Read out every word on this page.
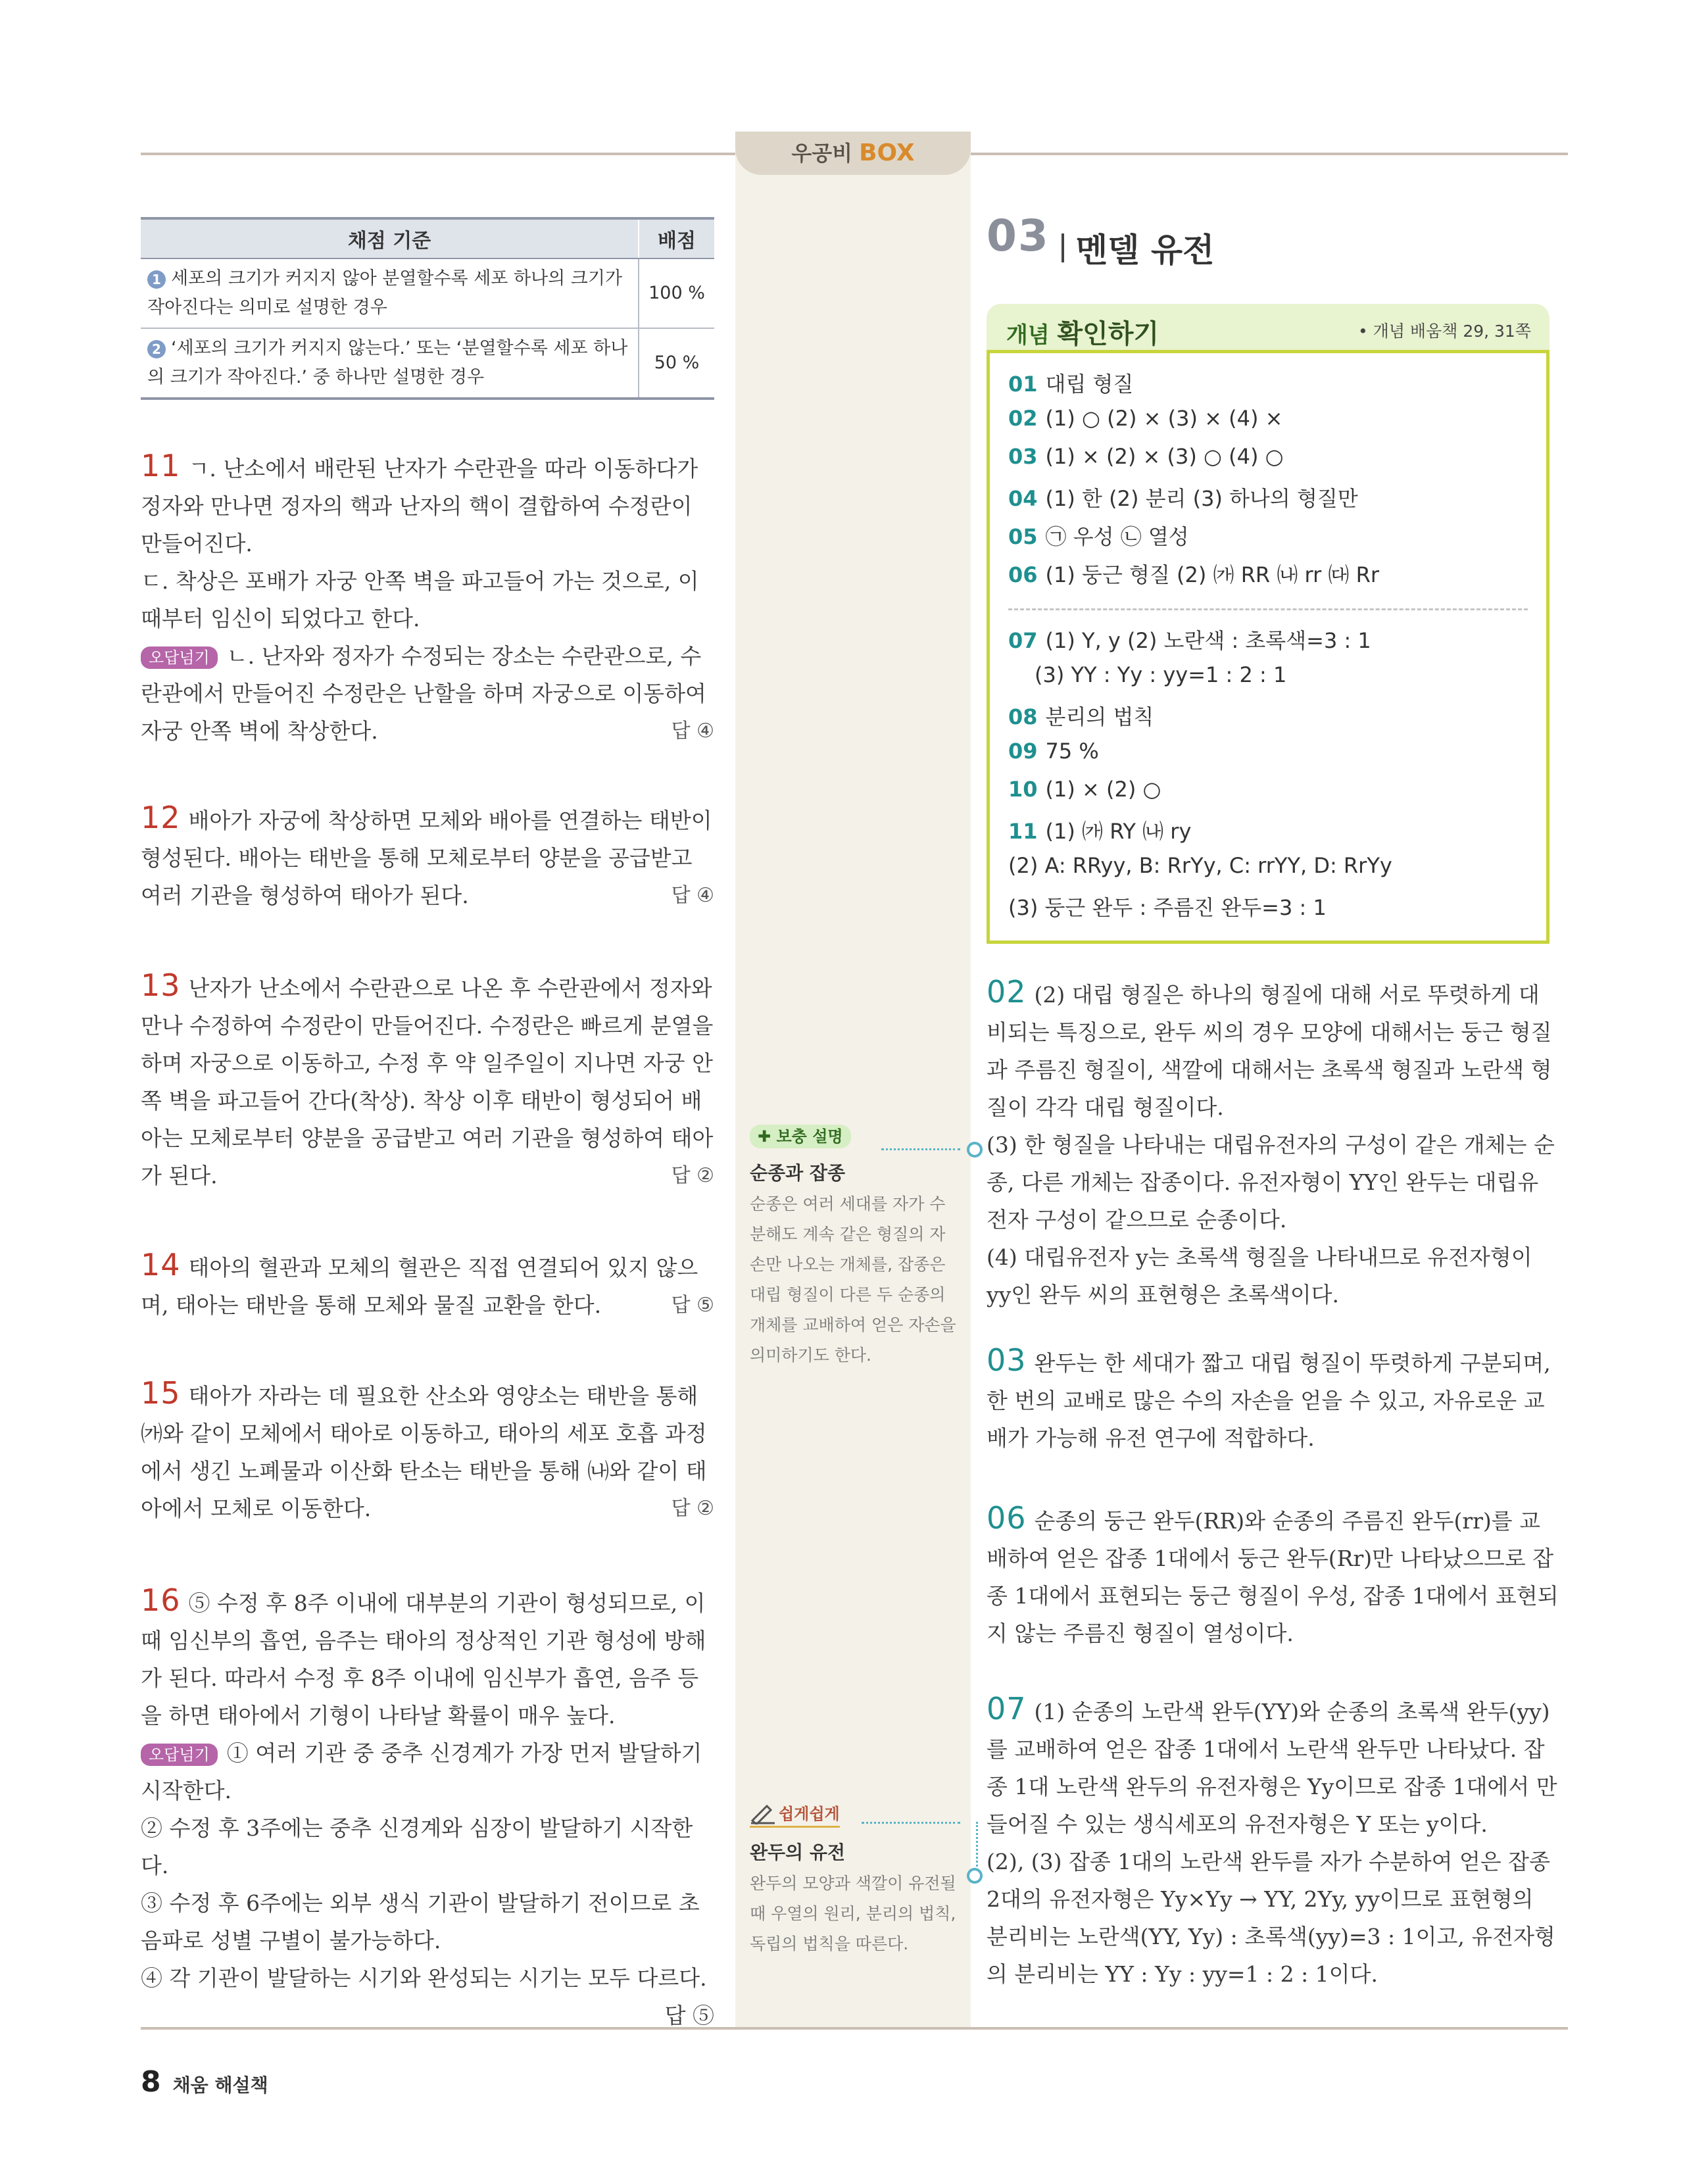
우공비 BOX
채점 기준	배점
1 세포의 크기가 커지지 않아 분열할수록 세포 하나의 크기가 작아진다는 의미로 설명한 경우	100 %
2 ‘세포의 크기가 커지지 않는다.’ 또는 ‘분열할수록 세포 하나의 크기가 작아진다.’ 중 하나만 설명한 경우	50 %

11 ㄱ. 난소에서 배란된 난자가 수란관을 따라 이동하다가 정자와 만나면 정자의 핵과 난자의 핵이 결합하여 수정란이 만들어진다.

ㄷ. 착상은 포배가 자궁 안쪽 벽을 파고들어 가는 것으로, 이때부터 임신이 되었다고 한다.

오답넘기 ㄴ. 난자와 정자가 수정되는 장소는 수란관으로, 수란관에서 만들어진 수정란은 난할을 하며 자궁으로 이동하여 자궁 안쪽 벽에 착상한다.	답 ④

12 배아가 자궁에 착상하면 모체와 배아를 연결하는 태반이 형성된다. 배아는 태반을 통해 모체로부터 양분을 공급받고 여러 기관을 형성하여 태아가 된다.	답 ④

13 난자가 난소에서 수란관으로 나온 후 수란관에서 정자와 만나 수정하여 수정란이 만들어진다. 수정란은 빠르게 분열을 하며 자궁으로 이동하고, 수정 후 약 일주일이 지나면 자궁 안쪽 벽을 파고들어 간다(착상). 착상 이후 태반이 형성되어 배아는 모체로부터 양분을 공급받고 여러 기관을 형성하여 태아가 된다.	답 ②

14 태아의 혈관과 모체의 혈관은 직접 연결되어 있지 않으며, 태아는 태반을 통해 모체와 물질 교환을 한다.	답 ⑤

15 태아가 자라는 데 필요한 산소와 영양소는 태반을 통해 ㈎와 같이 모체에서 태아로 이동하고, 태아의 세포 호흡 과정에서 생긴 노폐물과 이산화 탄소는 태반을 통해 ㈏와 같이 태아에서 모체로 이동한다.	답 ②

16 ⑤ 수정 후 8주 이내에 대부분의 기관이 형성되므로, 이때 임신부의 흡연, 음주는 태아의 정상적인 기관 형성에 방해가 된다. 따라서 수정 후 8주 이내에 임신부가 흡연, 음주 등을 하면 태아에서 기형이 나타날 확률이 매우 높다.

오답넘기 ① 여러 기관 중 중추 신경계가 가장 먼저 발달하기 시작한다.

② 수정 후 3주에는 중추 신경계와 심장이 발달하기 시작한다.

③ 수정 후 6주에는 외부 생식 기관이 발달하기 전이므로 초음파로 성별 구별이 불가능하다.

④ 각 기관이 발달하는 시기와 완성되는 시기는 모두 다르다.

답 ⑤

✚ 보충 설명
순종과 잡종
순종은 여러 세대를 자가 수분해도 계속 같은 형질의 자손만 나오는 개체를, 잡종은 대립 형질이 다른 두 순종의 개체를 교배하여 얻은 자손을 의미하기도 한다.
쉽게쉽게
완두의 유전
완두의 모양과 색깔이 유전될 때 우열의 원리, 분리의 법칙, 독립의 법칙을 따른다.
03 멘델 유전
개념 확인하기	• 개념 배움책 29, 31쪽
01 대립 형질
02 (1) ○ (2) × (3) × (4) ×
03 (1) × (2) × (3) ○ (4) ○
04 (1) 한 (2) 분리 (3) 하나의 형질만
05 ㉠ 우성 ㉡ 열성
06 (1) 둥근 형질 (2) ㈎ RR ㈏ rr ㈐ Rr
07 (1) Y, y (2) 노란색 : 초록색=3 : 1
(3) YY : Yy : yy=1 : 2 : 1
08 분리의 법칙
09 75 %
10 (1) × (2) ○
11 (1) ㈎ RY ㈏ ry
(2) A: RRyy, B: RrYy, C: rrYY, D: RrYy
(3) 둥근 완두 : 주름진 완두=3 : 1

02 (2) 대립 형질은 하나의 형질에 대해 서로 뚜렷하게 대비되는 특징으로, 완두 씨의 경우 모양에 대해서는 둥근 형질과 주름진 형질이, 색깔에 대해서는 초록색 형질과 노란색 형질이 각각 대립 형질이다.

(3) 한 형질을 나타내는 대립유전자의 구성이 같은 개체는 순종, 다른 개체는 잡종이다. 유전자형이 YY인 완두는 대립유전자 구성이 같으므로 순종이다.

(4) 대립유전자 y는 초록색 형질을 나타내므로 유전자형이 yy인 완두 씨의 표현형은 초록색이다.

03 완두는 한 세대가 짧고 대립 형질이 뚜렷하게 구분되며, 한 번의 교배로 많은 수의 자손을 얻을 수 있고, 자유로운 교배가 가능해 유전 연구에 적합하다.

06 순종의 둥근 완두(RR)와 순종의 주름진 완두(rr)를 교배하여 얻은 잡종 1대에서 둥근 완두(Rr)만 나타났으므로 잡종 1대에서 표현되는 둥근 형질이 우성, 잡종 1대에서 표현되지 않는 주름진 형질이 열성이다.

07 (1) 순종의 노란색 완두(YY)와 순종의 초록색 완두(yy)를 교배하여 얻은 잡종 1대에서 노란색 완두만 나타났다. 잡종 1대 노란색 완두의 유전자형은 Yy이므로 잡종 1대에서 만들어질 수 있는 생식세포의 유전자형은 Y 또는 y이다.

(2), (3) 잡종 1대의 노란색 완두를 자가 수분하여 얻은 잡종 2대의 유전자형은 Yy×Yy → YY, 2Yy, yy이므로 표현형의 분리비는 노란색(YY, Yy) : 초록색(yy)=3 : 1이고, 유전자형의 분리비는 YY : Yy : yy=1 : 2 : 1이다.

8 채움 해설책
